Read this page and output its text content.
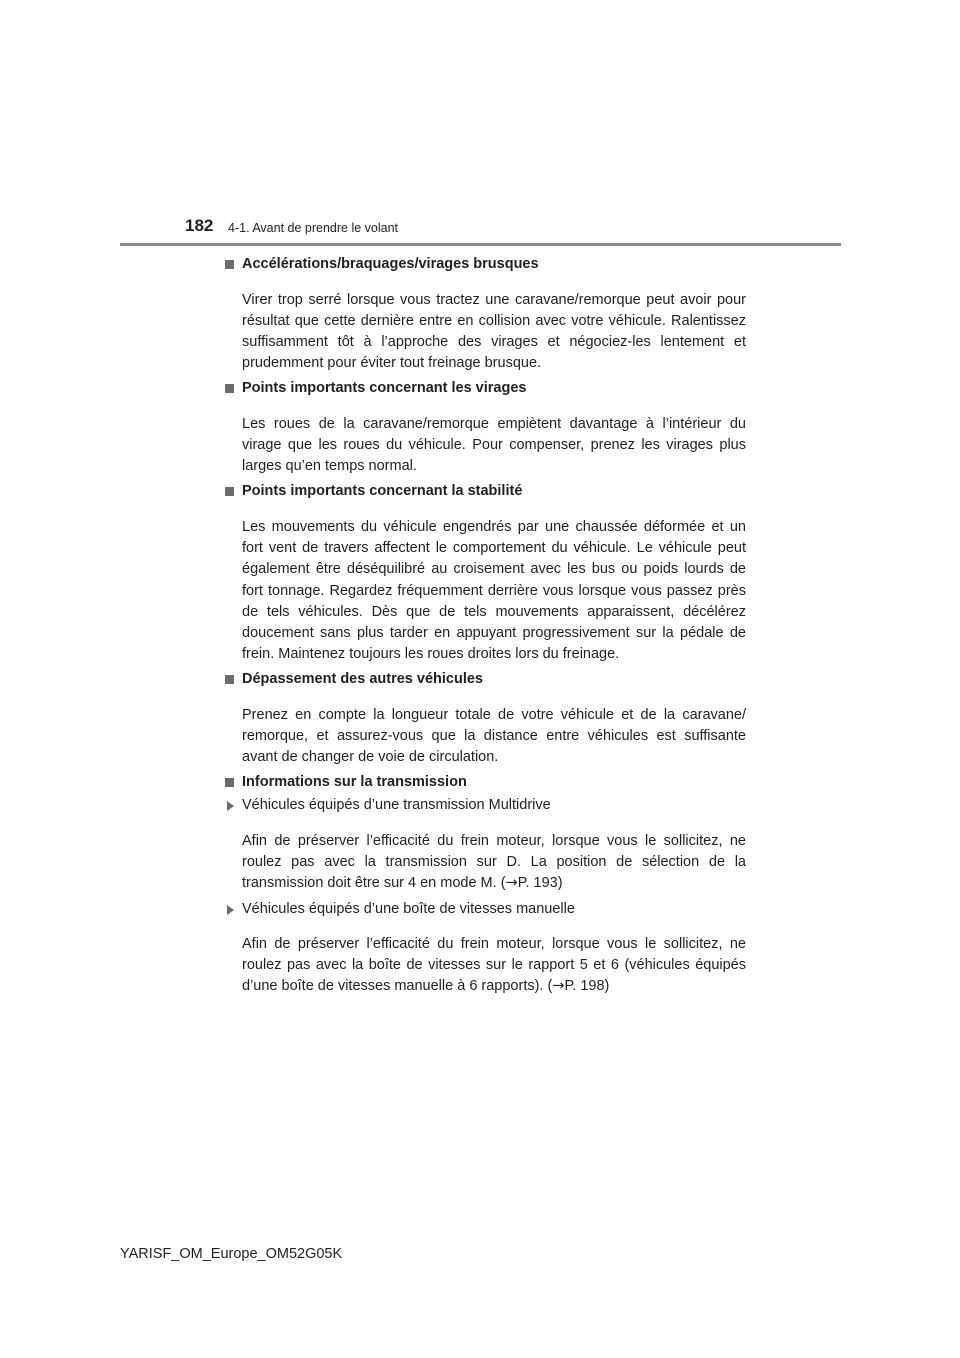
182 4-1. Avant de prendre le volant
Accélérations/braquages/virages brusques

Virer trop serré lorsque vous tractez une caravane/remorque peut avoir pour résultat que cette dernière entre en collision avec votre véhicule. Ralentissez suffisamment tôt à l’approche des virages et négociez-les lentement et prudemment pour éviter tout freinage brusque.

Points importants concernant les virages

Les roues de la caravane/remorque empiètent davantage à l’intérieur du virage que les roues du véhicule. Pour compenser, prenez les virages plus larges qu’en temps normal.

Points importants concernant la stabilité

Les mouvements du véhicule engendrés par une chaussée déformée et un fort vent de travers affectent le comportement du véhicule. Le véhicule peut également être déséquilibré au croisement avec les bus ou poids lourds de fort tonnage. Regardez fréquemment derrière vous lorsque vous passez près de tels véhicules. Dès que de tels mouvements apparaissent, décélérez doucement sans plus tarder en appuyant progressivement sur la pédale de frein. Maintenez toujours les roues droites lors du freinage.

Dépassement des autres véhicules

Prenez en compte la longueur totale de votre véhicule et de la caravane/ remorque, et assurez-vous que la distance entre véhicules est suffisante avant de changer de voie de circulation.

Informations sur la transmission
Véhicules équipés d’une transmission Multidrive

Afin de préserver l’efficacité du frein moteur, lorsque vous le sollicitez, ne roulez pas avec la transmission sur D. La position de sélection de la transmission doit être sur 4 en mode M. (→P. 193)

Véhicules équipés d’une boîte de vitesses manuelle

Afin de préserver l’efficacité du frein moteur, lorsque vous le sollicitez, ne roulez pas avec la boîte de vitesses sur le rapport 5 et 6 (véhicules équipés d’une boîte de vitesses manuelle à 6 rapports). (→P. 198)

YARISF_OM_Europe_OM52G05K
